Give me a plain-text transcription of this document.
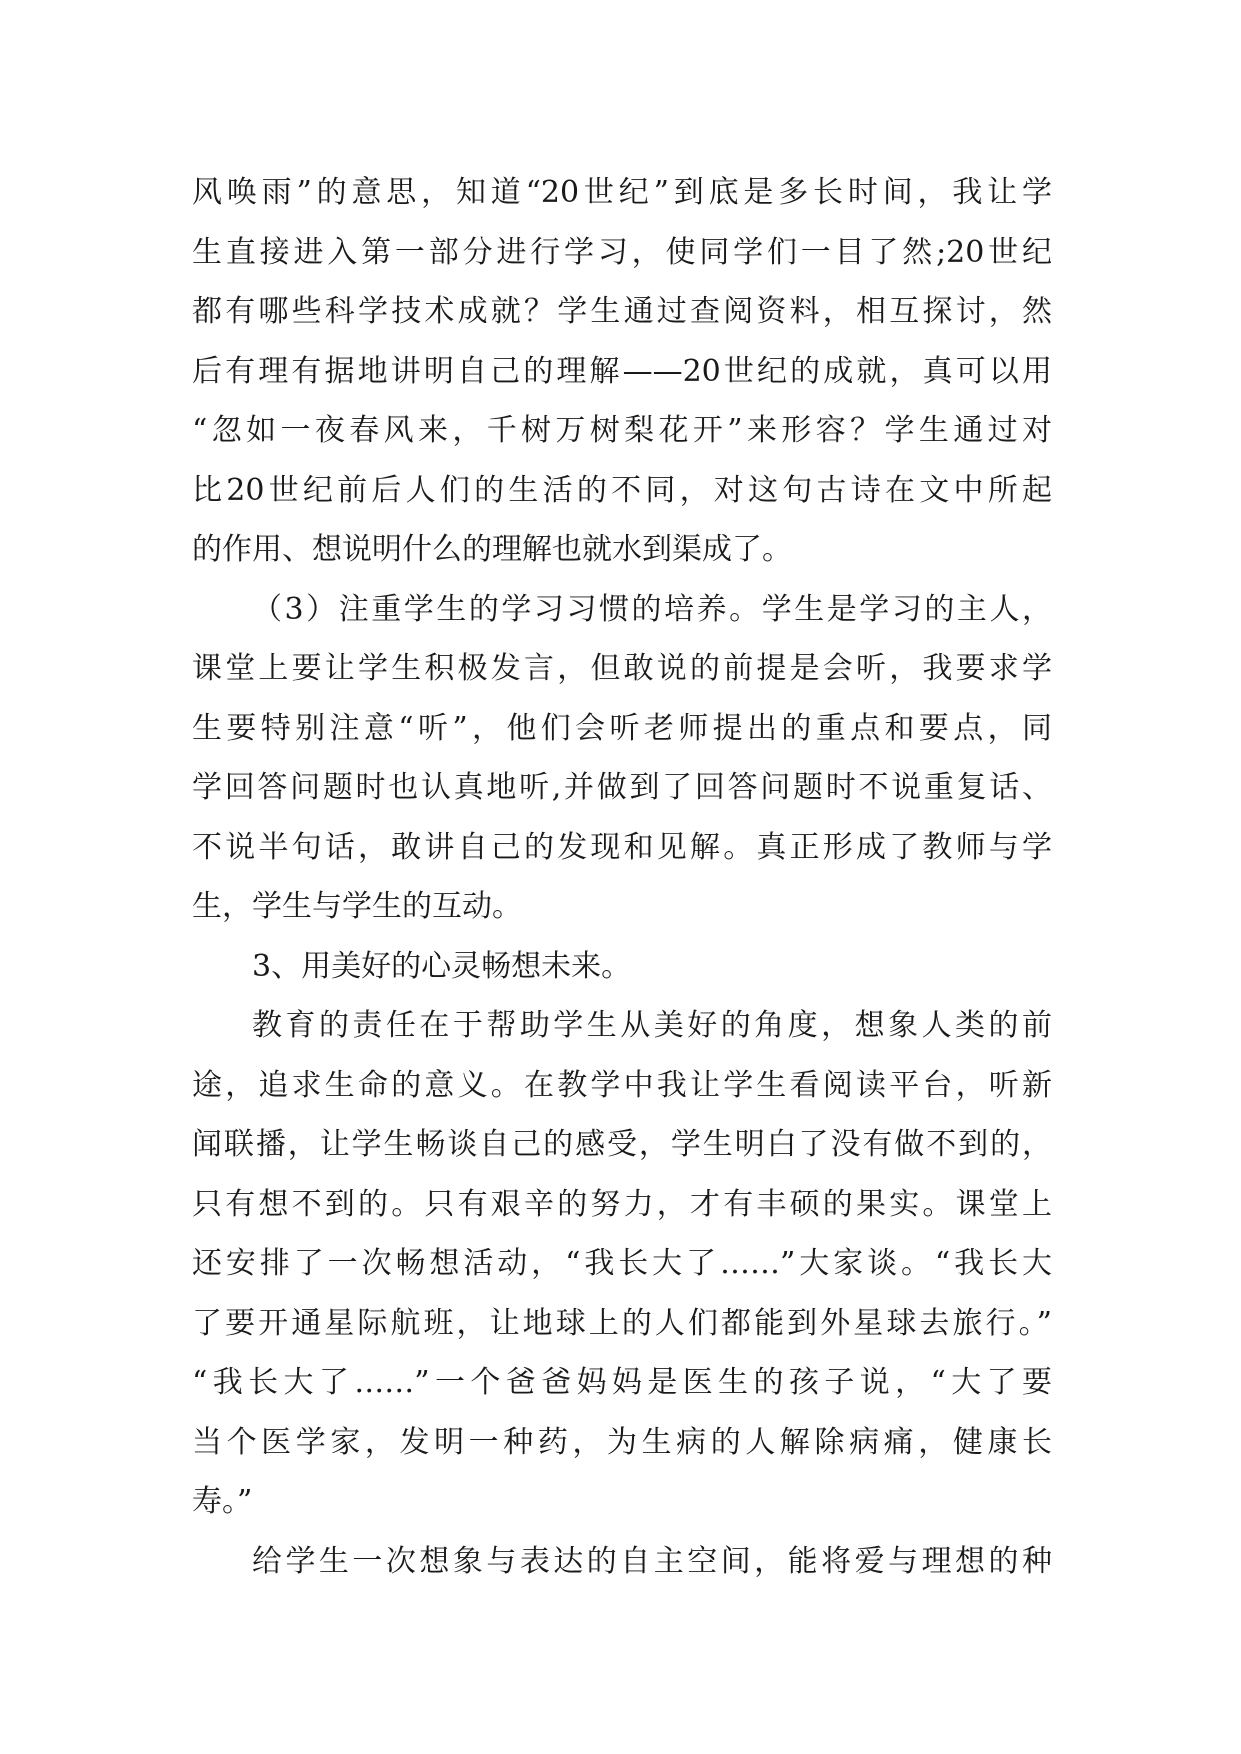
风唤雨”的意思，知道“20世纪”到底是多长时间，我让学
生直接进入第一部分进行学习，使同学们一目了然;20世纪
都有哪些科学技术成就？学生通过查阅资料，相互探讨，然
后有理有据地讲明自己的理解——20世纪的成就，真可以用
“忽如一夜春风来，千树万树梨花开”来形容？学生通过对
比20世纪前后人们的生活的不同，对这句古诗在文中所起
的作用、想说明什么的理解也就水到渠成了。
（3）注重学生的学习习惯的培养。学生是学习的主人，
课堂上要让学生积极发言，但敢说的前提是会听，我要求学
生要特别注意“听”，他们会听老师提出的重点和要点，同
学回答问题时也认真地听,并做到了回答问题时不说重复话、
不说半句话，敢讲自己的发现和见解。真正形成了教师与学
生，学生与学生的互动。
3、用美好的心灵畅想未来。
教育的责任在于帮助学生从美好的角度，想象人类的前
途，追求生命的意义。在教学中我让学生看阅读平台，听新
闻联播，让学生畅谈自己的感受，学生明白了没有做不到的，
只有想不到的。只有艰辛的努力，才有丰硕的果实。课堂上
还安排了一次畅想活动，“我长大了……”大家谈。“我长大
了要开通星际航班，让地球上的人们都能到外星球去旅行。”
“我长大了……”一个爸爸妈妈是医生的孩子说，“大了要
当个医学家，发明一种药，为生病的人解除病痛，健康长
寿。”
给学生一次想象与表达的自主空间，能将爱与理想的种
